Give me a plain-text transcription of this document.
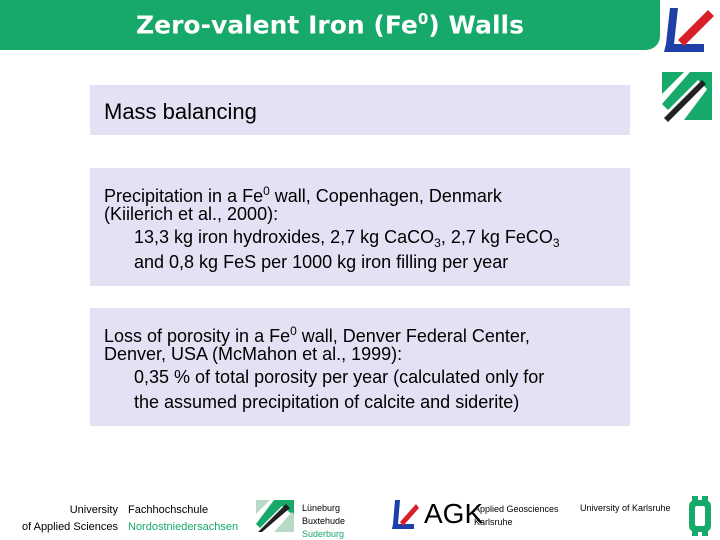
Zero-valent Iron (Fe$^0$) Walls
Mass balancing
Precipitation in a Fe$^0$ wall, Copenhagen, Denmark
(Kiilerich et al., 2000):
13,3 kg iron hydroxides, 2,7 kg CaCO$_3$, 2,7 kg FeCO$_3$
and 0,8 kg FeS per 1000 kg iron filling per year
Loss of porosity in a Fe$^0$ wall, Denver Federal Center,
Denver, USA (McMahon et al., 1999):
0,35 % of total porosity per year (calculated only for
the assumed precipitation of calcite and siderite)
University
of Applied Sciences
Fachhochschule
Nordostniedersachsen
Lüneburg
Buxtehude
Suderburg
AGK
Applied Geosciences
Karlsruhe
University of Karlsruhe
